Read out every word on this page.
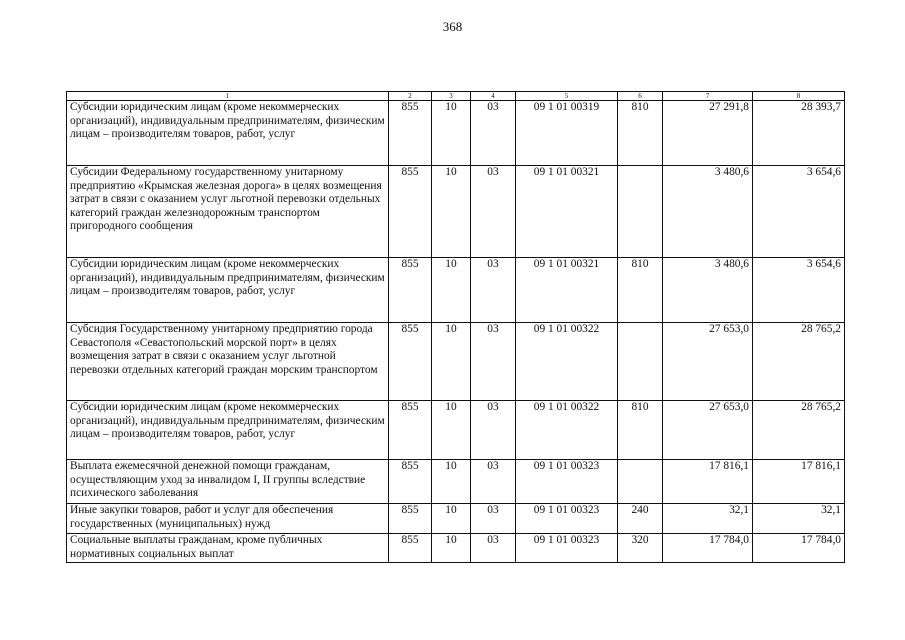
368
1	2	3	4	5	6	7	8
Субсидии юридическим лицам (кроме некоммерческих организаций), индивидуальным предпринимателям, физическим лицам – производителям товаров, работ, услуг	855	10	03	09 1 01 00319	810	27 291,8	28 393,7
Субсидии Федеральному государственному унитарному предприятию «Крымская железная дорога» в целях возмещения затрат в связи с оказанием услуг льготной перевозки отдельных категорий граждан железнодорожным транспортом пригородного сообщения	855	10	03	09 1 01 00321		3 480,6	3 654,6
Субсидии юридическим лицам (кроме некоммерческих организаций), индивидуальным предпринимателям, физическим лицам – производителям товаров, работ, услуг	855	10	03	09 1 01 00321	810	3 480,6	3 654,6
Субсидия Государственному унитарному предприятию города Севастополя «Севастопольский морской порт» в целях возмещения затрат в связи с оказанием услуг льготной перевозки отдельных категорий граждан морским транспортом	855	10	03	09 1 01 00322		27 653,0	28 765,2
Субсидии юридическим лицам (кроме некоммерческих организаций), индивидуальным предпринимателям, физическим лицам – производителям товаров, работ, услуг	855	10	03	09 1 01 00322	810	27 653,0	28 765,2
Выплата ежемесячной денежной помощи гражданам, осуществляющим уход за инвалидом I, II группы вследствие психического заболевания	855	10	03	09 1 01 00323		17 816,1	17 816,1
Иные закупки товаров, работ и услуг для обеспечения государственных (муниципальных) нужд	855	10	03	09 1 01 00323	240	32,1	32,1
Социальные выплаты гражданам, кроме публичных нормативных социальных выплат	855	10	03	09 1 01 00323	320	17 784,0	17 784,0
